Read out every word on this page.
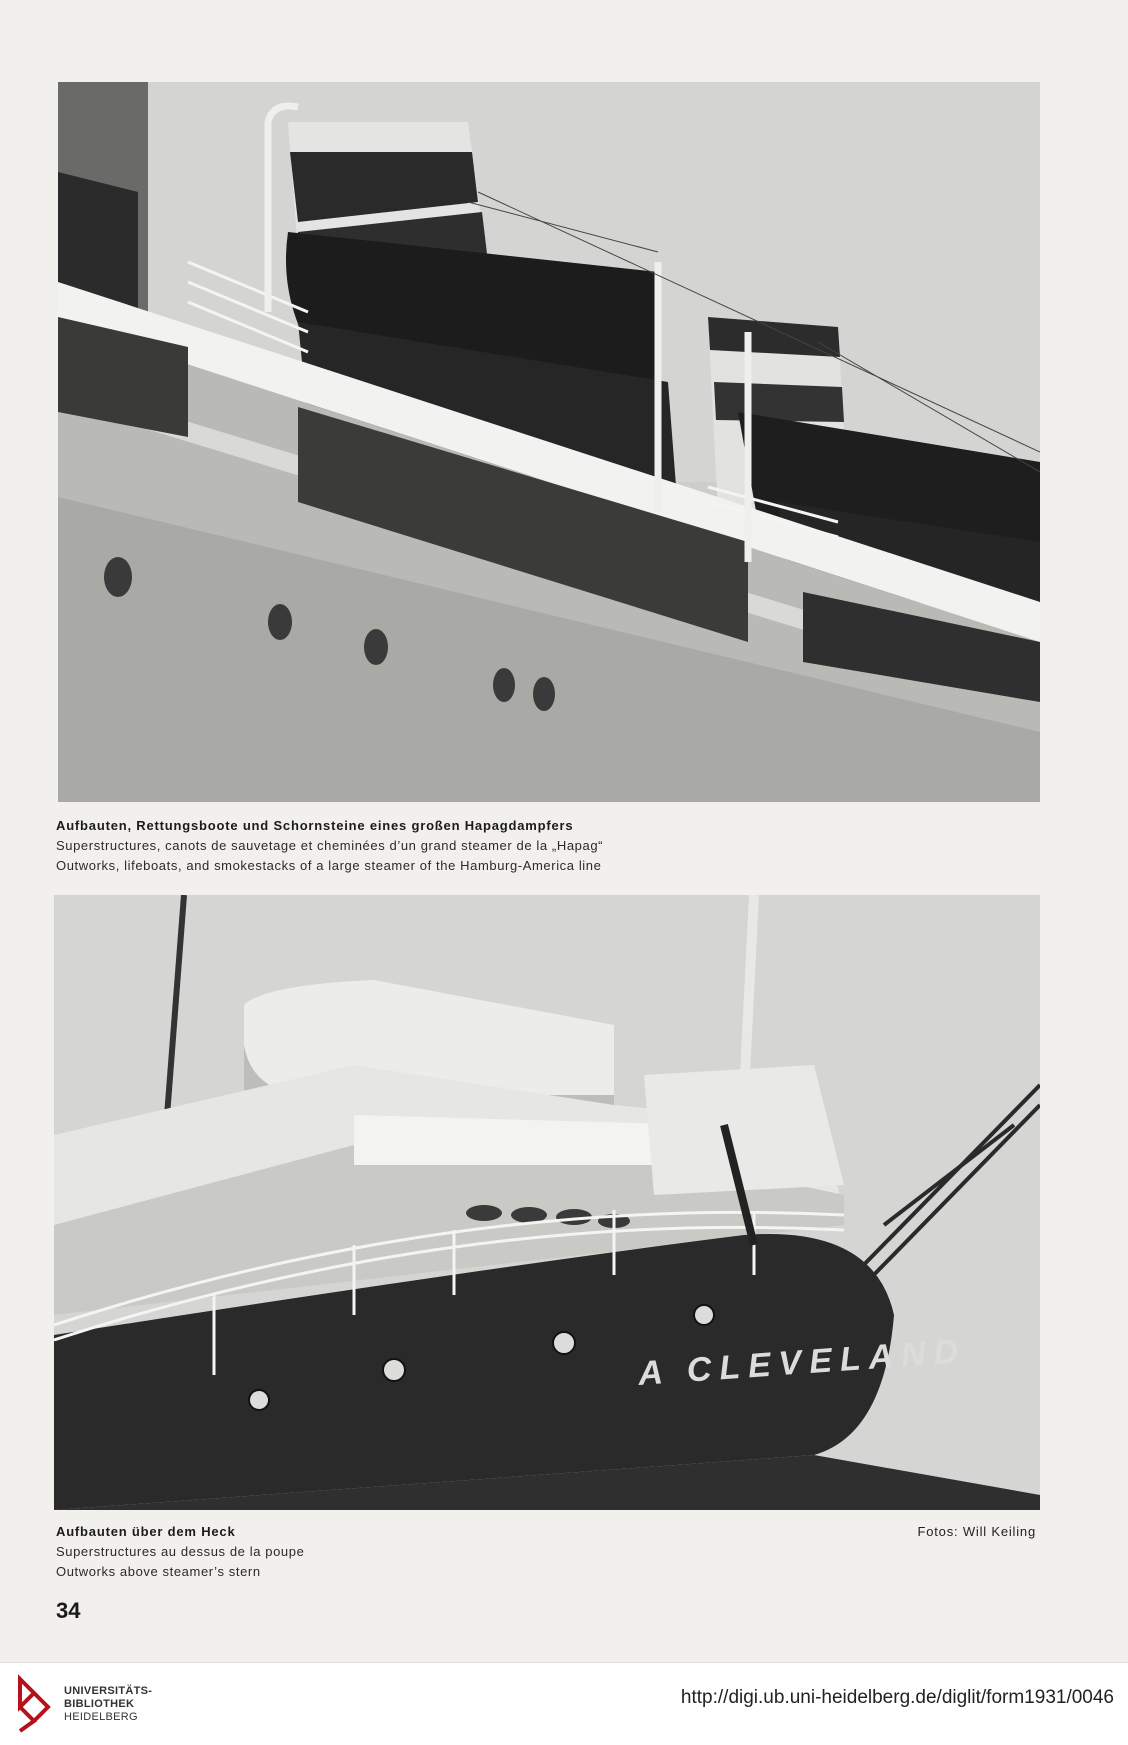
Aufbauten, Rettungsboote und Schornsteine eines großen Hapagdampfers
Superstructures, canots de sauvetage et cheminées d’un grand steamer de la „Hapag“
Outworks, lifeboats, and smokestacks of a large steamer of the Hamburg-America line
A CLEVELAND
Aufbauten über dem Heck
Superstructures au dessus de la poupe
Outworks above steamer’s stern
Fotos: Will Keiling
34
UNIVERSITÄTS-
BIBLIOTHEK
HEIDELBERG
http://digi.ub.uni-heidelberg.de/diglit/form1931/0046
